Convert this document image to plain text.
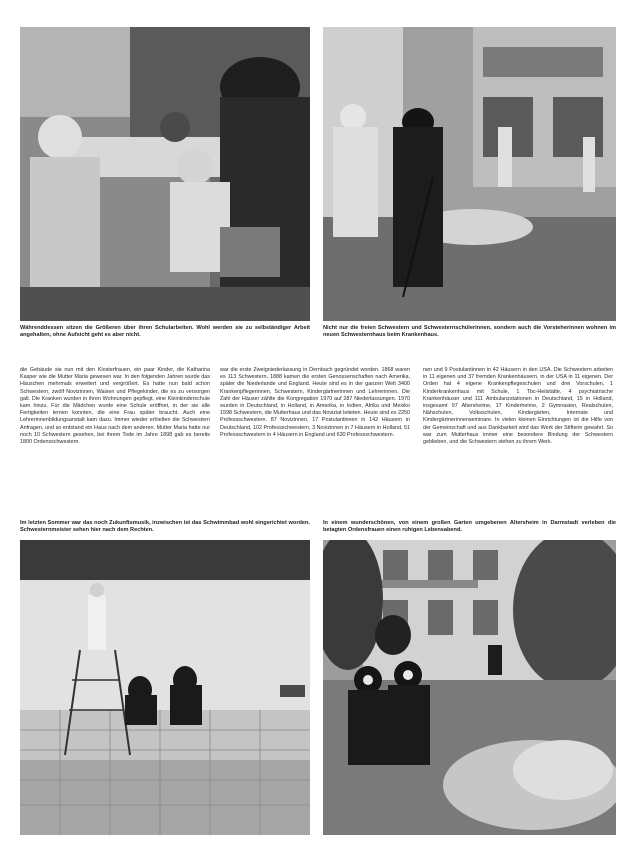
Währenddessen sitzen die Größeren über ihren Schularbeiten. Wohl werden sie zu selbständiger Arbeit angehalten, ohne Aufsicht geht es aber nicht.
Nicht nur die freien Schwestern und Schwesternschülerinnen, sondern auch die Vorsteherinnen wohnen im neuen Schwesternhaus beim Krankenhaus.

die Gebäude sie nun mit den Klosterfrauen, ein paar Kinder, die Katharina Kasper wie die Mutter Maria gewesen war. In den folgenden Jahren wurde das Häuschen mehrmals erweitert und vergrößert. Es hatte nun bald schon Schwestern, zwölf Novizinnen, Waisen und Pflegekinder, die es zu versorgen galt. Die Kranken wurden in ihren Wohnungen gepflegt, eine Kleinkinderschule kam hinzu. Für die Mädchen wurde eine Schule eröffnet, in der sie alle Fertigkeiten lernen konnten, die eine Frau später braucht. Auch eine Lehrerinnenbildungsanstalt kam dazu. Immer wieder erhielten die Schwestern Anfragen, und so entstand ein Haus nach dem anderen. Mutter Maria hatte nur noch 10 Schwestern gesehen, bei ihrem Tode im Jahre 1898 gab es bereits 1800 Ordensschwestern.

war die erste Zweigniederlassung in Dernbach gegründet worden. 1868 waren es 113 Schwestern, 1888 kamen die ersten Genossenschaften nach Amerika, später die Niederlande und England. Heute sind es in der ganzen Welt 3400 Krankenpflegerinnen, Schwestern, Kindergärtnerinnen und Lehrerinnen. Die Zahl der Häuser zählte die Kongregation 1970 auf 287 Niederlassungen. 1970 wurden in Deutschland, in Holland, in Amerika, in Indien, Afrika und Mexiko 1598 Schwestern, die Mutterhaus und das Noviziat leiteten. Heute sind es 2250 Professschwestern. 87 Novizinnen, 17 Postulantinnen in 142 Häusern in Deutschland, 102 Professschwestern, 3 Novizinnen in 7 Häusern in Holland, 51 Professschwestern in 4 Häusern in England und 630 Professschwestern.

nen und 9 Postulantinnen in 42 Häusern in den USA. Die Schwestern arbeiten in 11 eigenen und 37 fremden Krankenhäusern, in der USA in 11 eigenen. Der Orden hat 4 eigene Krankenpflegeschulen und drei Vorschulen, 1 Kinderkrankenhaus mit Schule, 1 Tbc-Heilstätte, 4 psychiatrische Krankenhäuser und 111 Ambulanzstationen in Deutschland, 15 in Holland, insgesamt 97 Altersheime, 17 Kinderheime, 2 Gymnasien, Realschulen, Nähschulen, Volksschulen, Kindergärten, Internate und Kindergärtnerinnenseminare. In vielen kleinen Einrichtungen ist die Hilfe von der Gemeinschaft und aus Dankbarkeit wird das Werk der Stifterin gewahrt. So war zum Mutterhaus immer eine besondere Bindung der Schwestern geblieben, und die Schwestern stehen zu ihrem Werk.

Im letzten Sommer war das noch Zukunftsmusik, inzwischen ist das Schwimmbad wohl eingerichtet worden. Schwesternmeister sehen hier nach dem Rechten.
In einem wunderschönen, von einem großen Garten umgebenen Altersheim in Darmstadt verleben die betagten Ordensfrauen einen ruhigen Lebensabend.
